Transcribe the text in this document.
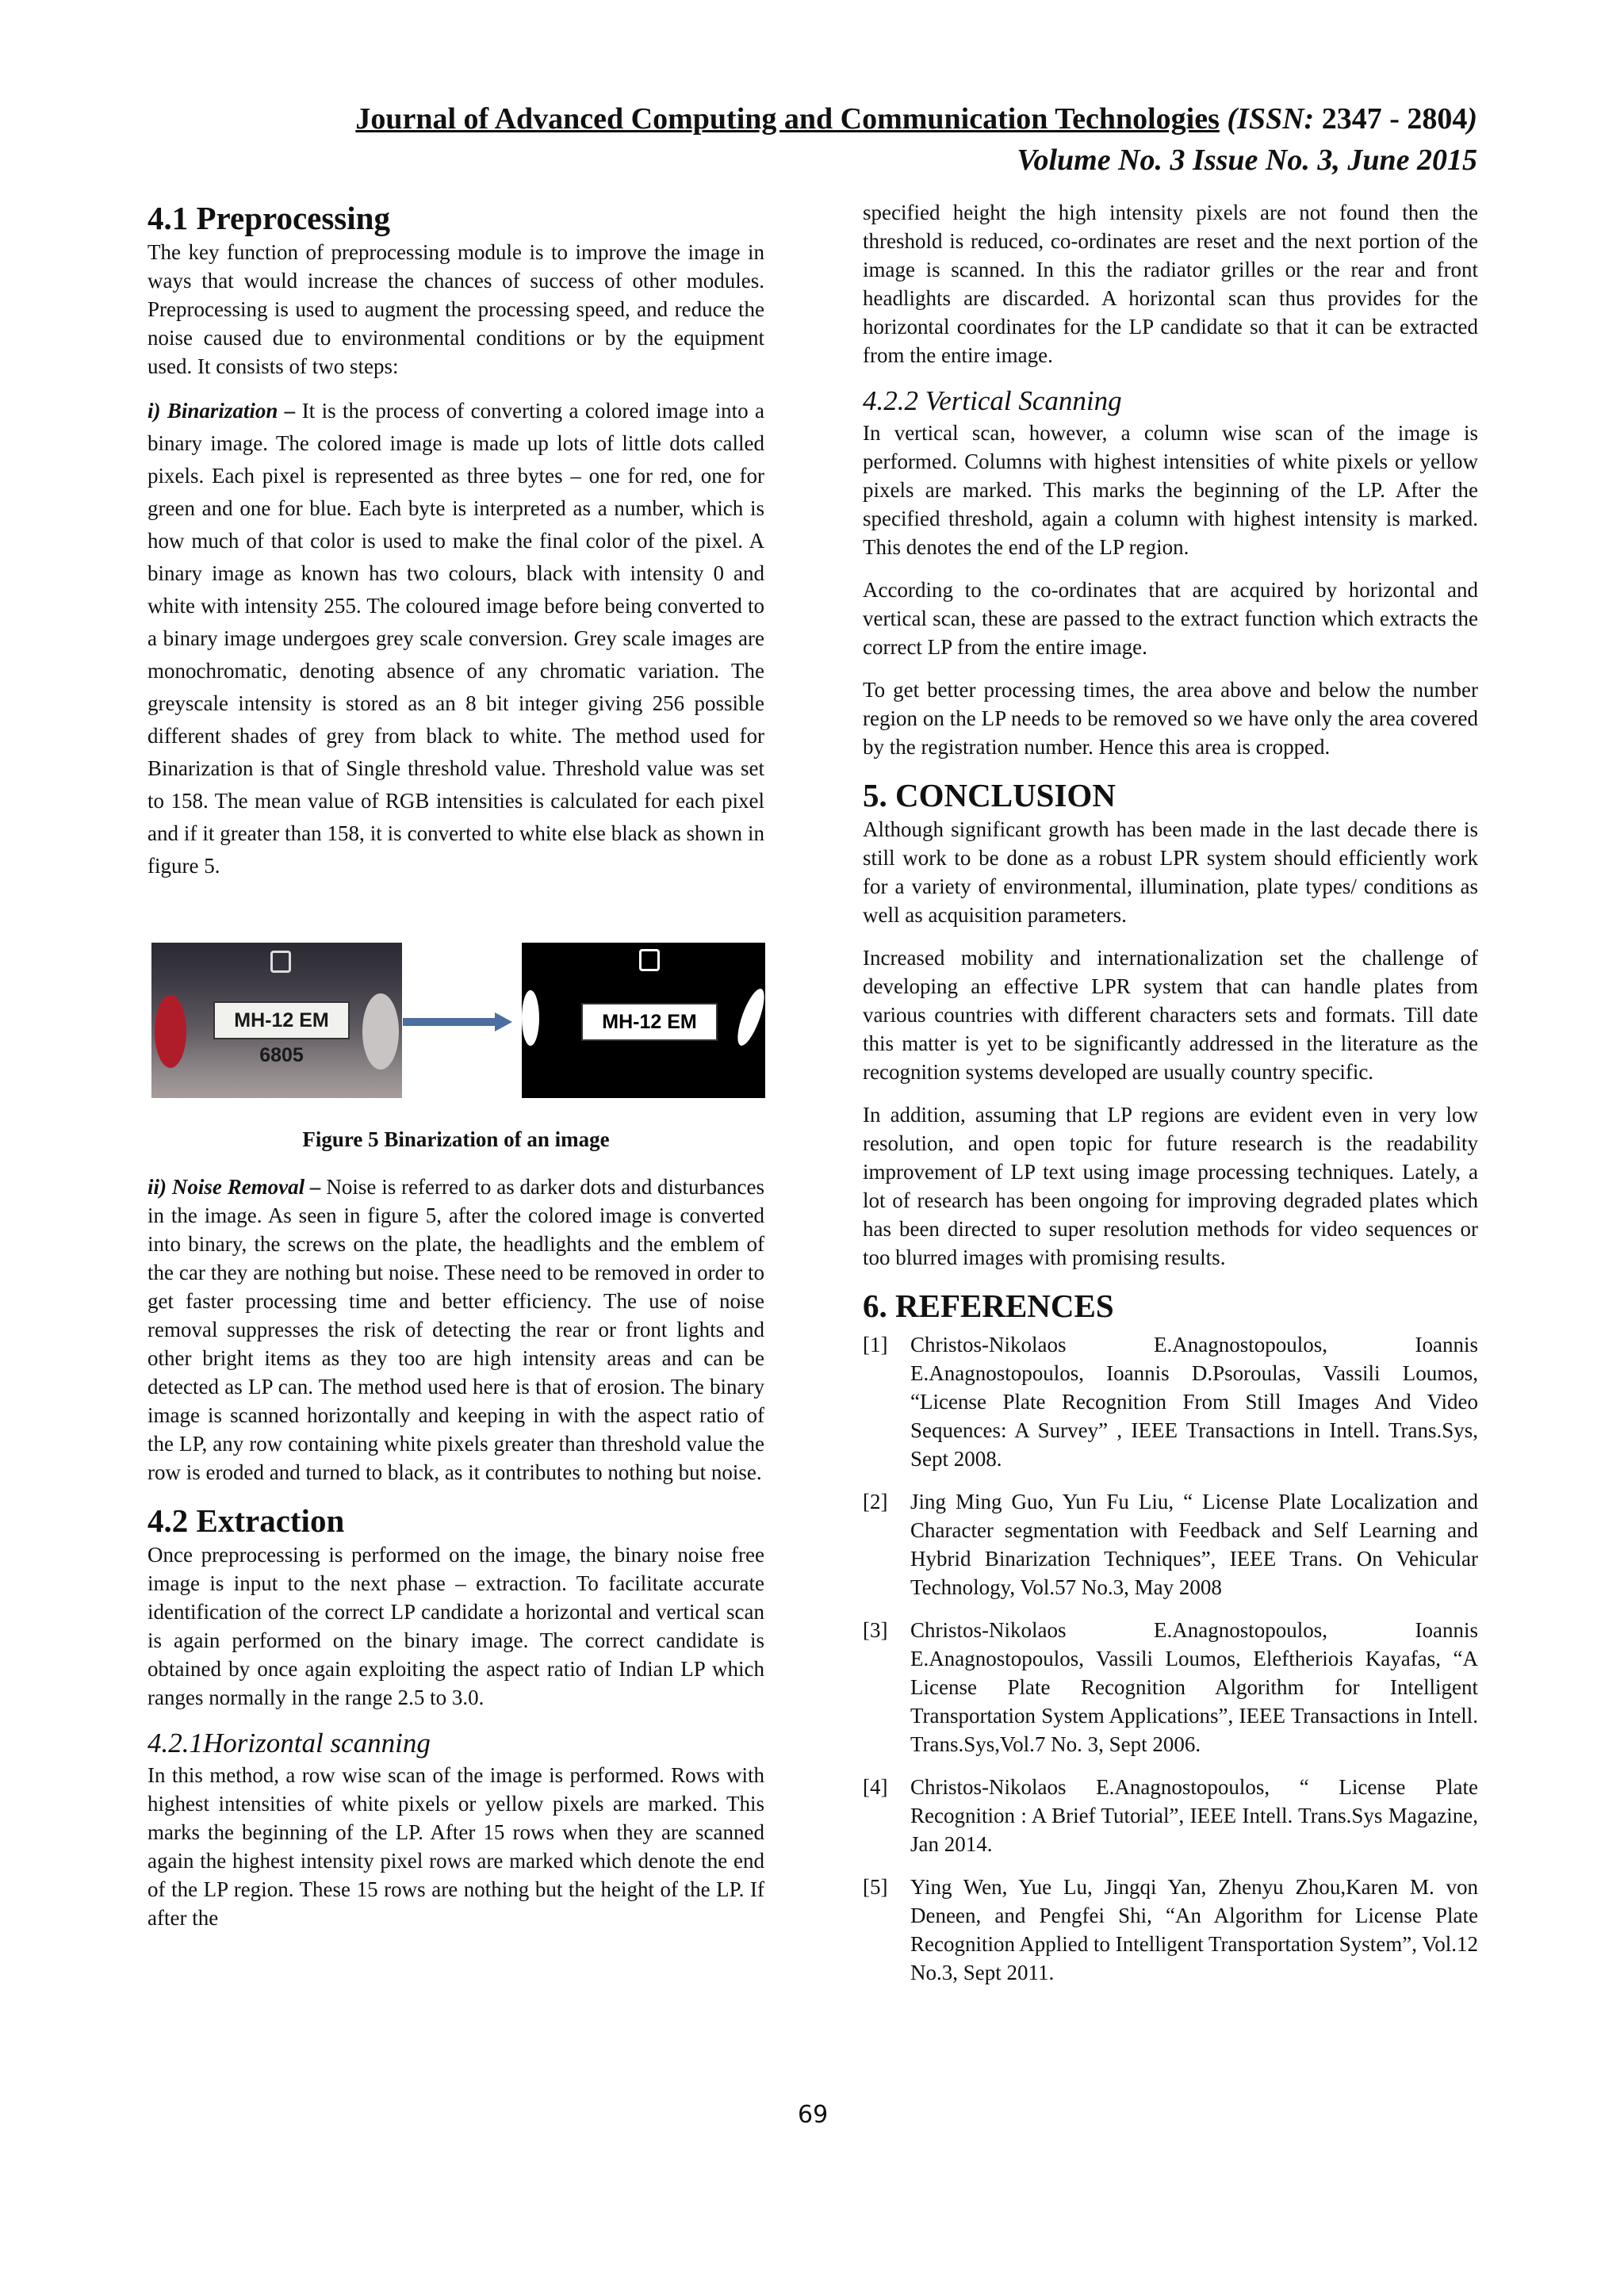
Journal of Advanced Computing and Communication Technologies (ISSN: 2347 - 2804)
Volume No. 3 Issue No. 3, June 2015
4.1 Preprocessing

The key function of preprocessing module is to improve the image in ways that would increase the chances of success of other modules. Preprocessing is used to augment the processing speed, and reduce the noise caused due to environmental conditions or by the equipment used. It consists of two steps:

i) Binarization – It is the process of converting a colored image into a binary image. The colored image is made up lots of little dots called pixels. Each pixel is represented as three bytes – one for red, one for green and one for blue. Each byte is interpreted as a number, which is how much of that color is used to make the final color of the pixel. A binary image as known has two colours, black with intensity 0 and white with intensity 255. The coloured image before being converted to a binary image undergoes grey scale conversion. Grey scale images are monochromatic, denoting absence of any chromatic variation. The greyscale intensity is stored as an 8 bit integer giving 256 possible different shades of grey from black to white. The method used for Binarization is that of Single threshold value. Threshold value was set to 158. The mean value of RGB intensities is calculated for each pixel and if it greater than 158, it is converted to white else black as shown in figure 5.

MH-12 EM 6805
MH-12 EM 6805
Figure 5 Binarization of an image

ii) Noise Removal – Noise is referred to as darker dots and disturbances in the image. As seen in figure 5, after the colored image is converted into binary, the screws on the plate, the headlights and the emblem of the car they are nothing but noise. These need to be removed in order to get faster processing time and better efficiency. The use of noise removal suppresses the risk of detecting the rear or front lights and other bright items as they too are high intensity areas and can be detected as LP can. The method used here is that of erosion. The binary image is scanned horizontally and keeping in with the aspect ratio of the LP, any row containing white pixels greater than threshold value the row is eroded and turned to black, as it contributes to nothing but noise.

4.2 Extraction

Once preprocessing is performed on the image, the binary noise free image is input to the next phase – extraction. To facilitate accurate identification of the correct LP candidate a horizontal and vertical scan is again performed on the binary image. The correct candidate is obtained by once again exploiting the aspect ratio of Indian LP which ranges normally in the range 2.5 to 3.0.

4.2.1Horizontal scanning

In this method, a row wise scan of the image is performed. Rows with highest intensities of white pixels or yellow pixels are marked. This marks the beginning of the LP. After 15 rows when they are scanned again the highest intensity pixel rows are marked which denote the end of the LP region. These 15 rows are nothing but the height of the LP. If after the

specified height the high intensity pixels are not found then the threshold is reduced, co-ordinates are reset and the next portion of the image is scanned. In this the radiator grilles or the rear and front headlights are discarded. A horizontal scan thus provides for the horizontal coordinates for the LP candidate so that it can be extracted from the entire image.

4.2.2 Vertical Scanning

In vertical scan, however, a column wise scan of the image is performed. Columns with highest intensities of white pixels or yellow pixels are marked. This marks the beginning of the LP. After the specified threshold, again a column with highest intensity is marked. This denotes the end of the LP region.

According to the co-ordinates that are acquired by horizontal and vertical scan, these are passed to the extract function which extracts the correct LP from the entire image.

To get better processing times, the area above and below the number region on the LP needs to be removed so we have only the area covered by the registration number. Hence this area is cropped.

5. CONCLUSION

Although significant growth has been made in the last decade there is still work to be done as a robust LPR system should efficiently work for a variety of environmental, illumination, plate types/ conditions as well as acquisition parameters.

Increased mobility and internationalization set the challenge of developing an effective LPR system that can handle plates from various countries with different characters sets and formats. Till date this matter is yet to be significantly addressed in the literature as the recognition systems developed are usually country specific.

In addition, assuming that LP regions are evident even in very low resolution, and open topic for future research is the readability improvement of LP text using image processing techniques. Lately, a lot of research has been ongoing for improving degraded plates which has been directed to super resolution methods for video sequences or too blurred images with promising results.

6. REFERENCES
[1] Christos-Nikolaos E.Anagnostopoulos, Ioannis E.Anagnostopoulos, Ioannis D.Psoroulas, Vassili Loumos, “License Plate Recognition From Still Images And Video Sequences: A Survey” , IEEE Transactions in Intell. Trans.Sys, Sept 2008.
[2] Jing Ming Guo, Yun Fu Liu, “ License Plate Localization and Character segmentation with Feedback and Self Learning and Hybrid Binarization Techniques”, IEEE Trans. On Vehicular Technology, Vol.57 No.3, May 2008
[3] Christos-Nikolaos E.Anagnostopoulos, Ioannis E.Anagnostopoulos, Vassili Loumos, Eleftheriois Kayafas, “A License Plate Recognition Algorithm for Intelligent Transportation System Applications”, IEEE Transactions in Intell. Trans.Sys,Vol.7 No. 3, Sept 2006.
[4] Christos-Nikolaos E.Anagnostopoulos, “ License Plate Recognition : A Brief Tutorial”, IEEE Intell. Trans.Sys Magazine, Jan 2014.
[5] Ying Wen, Yue Lu, Jingqi Yan, Zhenyu Zhou,Karen M. von Deneen, and Pengfei Shi, “An Algorithm for License Plate Recognition Applied to Intelligent Transportation System”, Vol.12 No.3, Sept 2011.
69
